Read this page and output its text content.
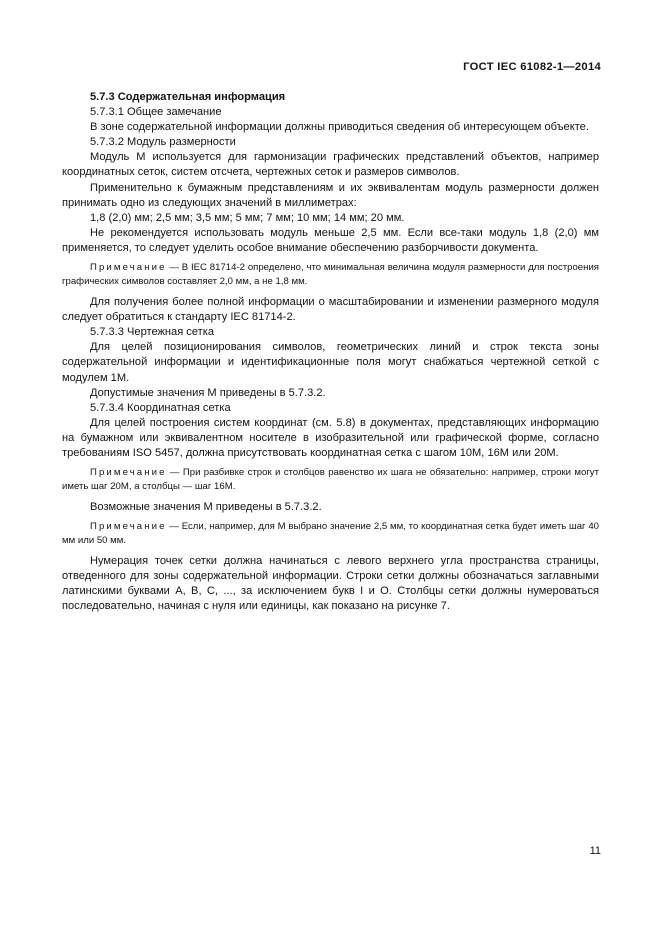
ГОСТ IEC 61082-1—2014

5.7.3 Содержательная информация

5.7.3.1 Общее замечание

В зоне содержательной информации должны приводиться сведения об интересующем объекте.

5.7.3.2 Модуль размерности

Модуль М используется для гармонизации графических представлений объектов, например координатных сеток, систем отсчета, чертежных сеток и размеров символов.

Применительно к бумажным представлениям и их эквивалентам модуль размерности должен принимать одно из следующих значений в миллиметрах:

1,8 (2,0) мм; 2,5 мм; 3,5 мм; 5 мм; 7 мм; 10 мм; 14 мм; 20 мм.

Не рекомендуется использовать модуль меньше 2,5 мм. Если все-таки модуль 1,8 (2,0) мм применяется, то следует уделить особое внимание обеспечению разборчивости документа.

Примечание — В IEC 81714-2 определено, что минимальная величина модуля размерности для построения графических символов составляет 2,0 мм, а не 1,8 мм.

Для получения более полной информации о масштабировании и изменении размерного модуля следует обратиться к стандарту IEC 81714-2.

5.7.3.3 Чертежная сетка

Для целей позиционирования символов, геометрических линий и строк текста зоны содержательной информации и идентификационные поля могут снабжаться чертежной сеткой с модулем 1М.

Допустимые значения М приведены в 5.7.3.2.

5.7.3.4 Координатная сетка

Для целей построения систем координат (см. 5.8) в документах, представляющих информацию на бумажном или эквивалентном носителе в изобразительной или графической форме, согласно требованиям ISO 5457, должна присутствовать координатная сетка с шагом 10М, 16М или 20М.

Примечание — При разбивке строк и столбцов равенство их шага не обязательно: например, строки могут иметь шаг 20М, а столбцы — шаг 16М.

Возможные значения М приведены в 5.7.3.2.

Примечание — Если, например, для М выбрано значение 2,5 мм, то координатная сетка будет иметь шаг 40 мм или 50 мм.

Нумерация точек сетки должна начинаться с левого верхнего угла пространства страницы, отведенного для зоны содержательной информации. Строки сетки должны обозначаться заглавными латинскими буквами А, В, С, ..., за исключением букв I и О. Столбцы сетки должны нумероваться последовательно, начиная с нуля или единицы, как показано на рисунке 7.

11
